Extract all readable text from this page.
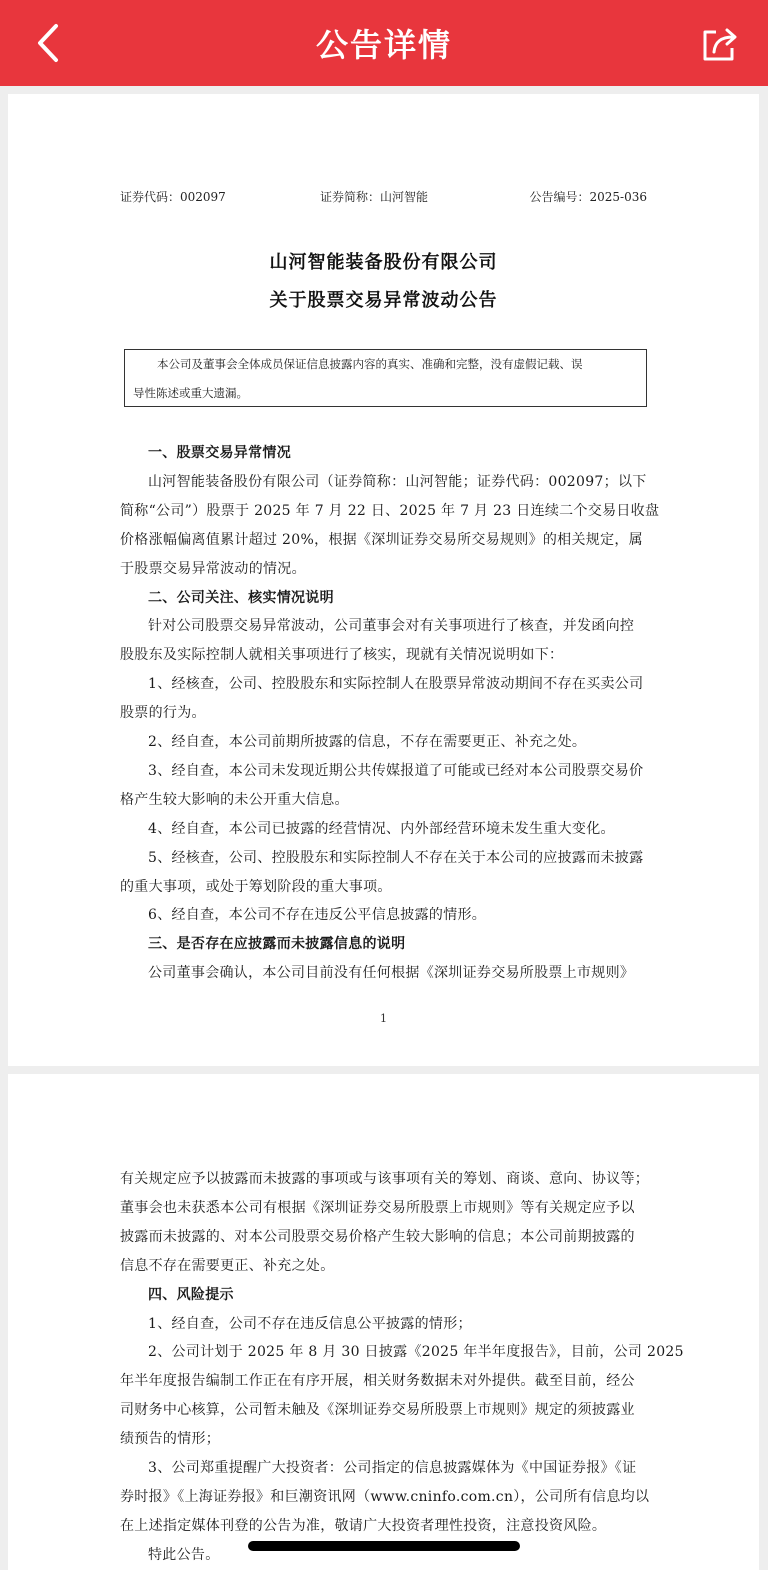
公告详情
证券代码：002097	证券简称：山河智能	公告编号：2025-036
山河智能装备股份有限公司
关于股票交易异常波动公告
本公司及董事会全体成员保证信息披露内容的真实、准确和完整，没有虚假记载、误
导性陈述或重大遗漏。
一、股票交易异常情况
山河智能装备股份有限公司（证券简称：山河智能；证券代码：002097；以下
简称“公司”）股票于 2025 年 7 月 22 日、2025 年 7 月 23 日连续二个交易日收盘
价格涨幅偏离值累计超过 20%，根据《深圳证券交易所交易规则》的相关规定，属
于股票交易异常波动的情况。
二、公司关注、核实情况说明
针对公司股票交易异常波动，公司董事会对有关事项进行了核查，并发函向控
股股东及实际控制人就相关事项进行了核实，现就有关情况说明如下：
1、经核查，公司、控股股东和实际控制人在股票异常波动期间不存在买卖公司
股票的行为。
2、经自查，本公司前期所披露的信息，不存在需要更正、补充之处。
3、经自查，本公司未发现近期公共传媒报道了可能或已经对本公司股票交易价
格产生较大影响的未公开重大信息。
4、经自查，本公司已披露的经营情况、内外部经营环境未发生重大变化。
5、经核查，公司、控股股东和实际控制人不存在关于本公司的应披露而未披露
的重大事项，或处于筹划阶段的重大事项。
6、经自查，本公司不存在违反公平信息披露的情形。
三、是否存在应披露而未披露信息的说明
公司董事会确认，本公司目前没有任何根据《深圳证券交易所股票上市规则》
1
有关规定应予以披露而未披露的事项或与该事项有关的筹划、商谈、意向、协议等；
董事会也未获悉本公司有根据《深圳证券交易所股票上市规则》等有关规定应予以
披露而未披露的、对本公司股票交易价格产生较大影响的信息；本公司前期披露的
信息不存在需要更正、补充之处。
四、风险提示
1、经自查，公司不存在违反信息公平披露的情形；
2、公司计划于 2025 年 8 月 30 日披露《2025 年半年度报告》，目前，公司 2025
年半年度报告编制工作正在有序开展，相关财务数据未对外提供。截至目前，经公
司财务中心核算，公司暂未触及《深圳证券交易所股票上市规则》规定的须披露业
绩预告的情形；
3、公司郑重提醒广大投资者：公司指定的信息披露媒体为《中国证券报》《证
券时报》《上海证券报》和巨潮资讯网（www.cninfo.com.cn），公司所有信息均以
在上述指定媒体刊登的公告为准，敬请广大投资者理性投资，注意投资风险。
特此公告。
